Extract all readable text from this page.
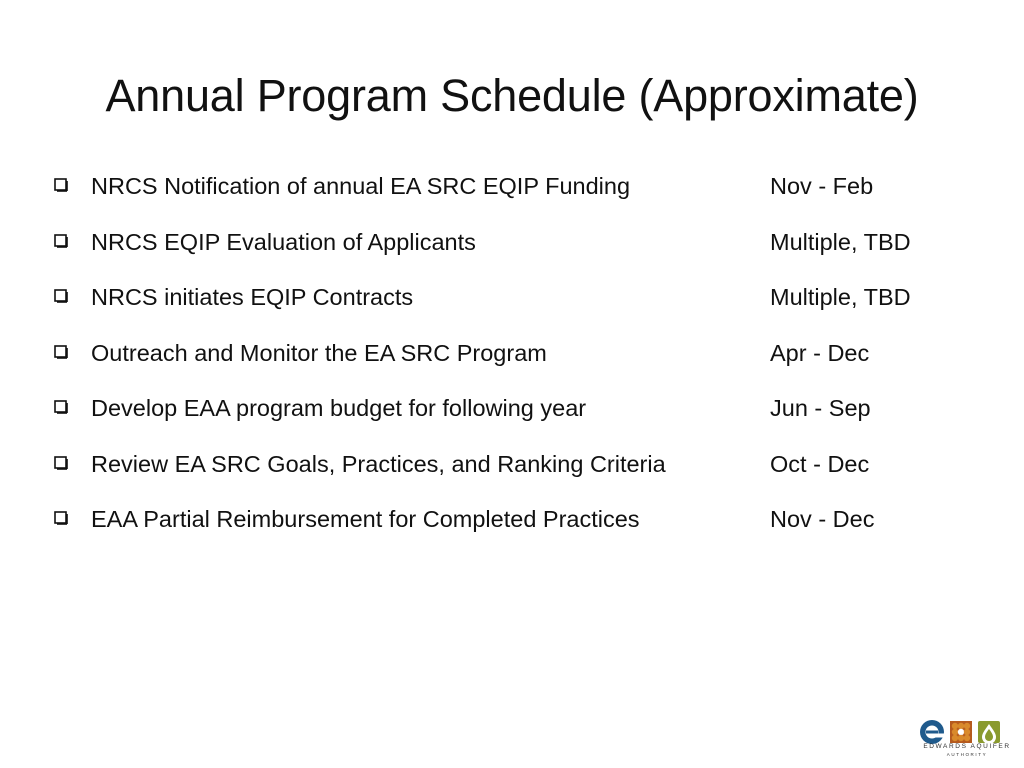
Annual Program Schedule (Approximate)
NRCS Notification of annual EA SRC EQIP Funding	Nov - Feb
NRCS EQIP Evaluation of Applicants	Multiple, TBD
NRCS initiates EQIP Contracts	Multiple, TBD
Outreach and Monitor the EA SRC Program	Apr - Dec
Develop EAA program budget for following year	Jun - Sep
Review EA SRC Goals, Practices, and Ranking Criteria	Oct - Dec
EAA Partial Reimbursement for Completed Practices	Nov - Dec
EDWARDS AQUIFER
AUTHORITY
